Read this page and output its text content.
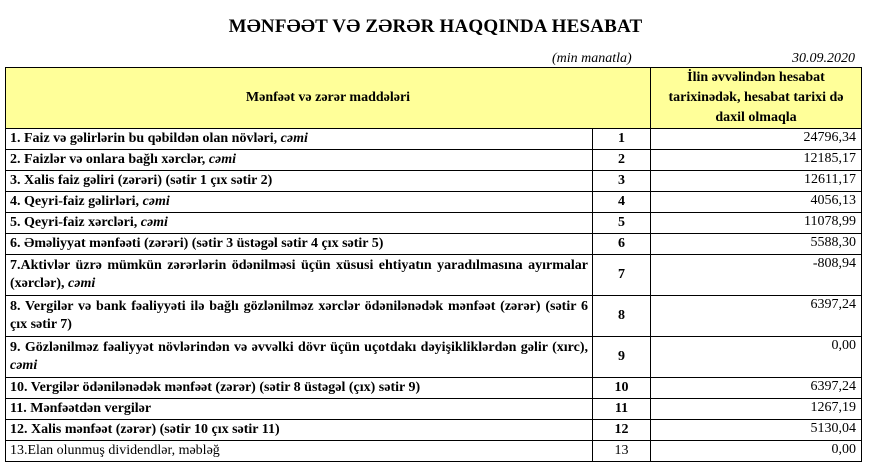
MƏNFƏƏT VƏ ZƏRƏR HAQQINDA HESABAT
(min manatla)	30.09.2020
Mənfəət və zərər maddələri		İlin əvvəlindən hesabat tarixinədək, hesabat tarixi də daxil olmaqla
1. Faiz və gəlirlərin bu qəbildən olan növləri, cəmi	1	24796,34
2. Faizlər və onlara bağlı xərclər, cəmi	2	12185,17
3. Xalis faiz gəliri (zərəri) (sətir 1 çıx sətir 2)	3	12611,17
4. Qeyri-faiz gəlirləri, cəmi	4	4056,13
5. Qeyri-faiz xərcləri, cəmi	5	11078,99
6. Əməliyyat mənfəəti (zərəri) (sətir 3 üstəgəl sətir 4 çıx sətir 5)	6	5588,30
7.Aktivlər üzrə mümkün zərərlərin ödənilməsi üçün xüsusi ehtiyatın yaradılmasına ayırmalar (xərclər), cəmi	7	-808,94
8. Vergilər və bank fəaliyyəti ilə bağlı gözlənilməz xərclər ödənilənədək mənfəət (zərər) (sətir 6 çıx sətir 7)	8	6397,24
9. Gözlənilməz fəaliyyət növlərindən və əvvəlki dövr üçün uçotdakı dəyişikliklərdən gəlir (xırc), cəmi	9	0,00
10. Vergilər ödənilənədək mənfəət (zərər) (sətir 8 üstəgəl (çıx) sətir 9)	10	6397,24
11. Mənfəətdən vergilər	11	1267,19
12. Xalis mənfəət (zərər) (sətir 10 çıx sətir 11)	12	5130,04
13.Elan olunmuş dividendlər, məbləğ	13	0,00
